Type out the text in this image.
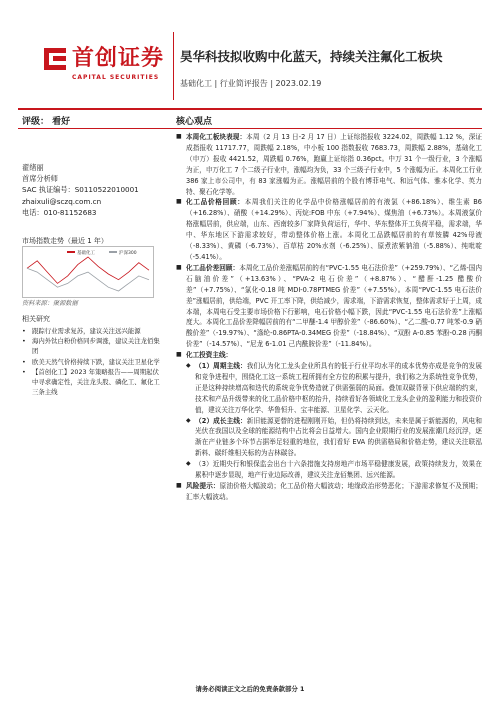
首创证券
CAPITAL SECURITIES
昊华科技拟收购中化蓝天，持续关注氟化工板块
基础化工 | 行业简评报告 | 2023.02.19
评级： 看好	核心观点
翟绪丽
首席分析师
SAC 执证编号：S0110522010001
zhaixuli@sczq.com.cn
电话：010-81152683
市场指数走势（最近 1 年）
基础化工	沪深300
资料来源：聚源数据
相关研究
• 跟踪行业需求复苏，建议关注远兴能源
• 海内外钛白粉价格同步调涨，建议关注龙佰集团
• 欧美天然气价格持续下跌，建议关注卫星化学
• 【首创化工】2023 年策略报告——周期起伏中寻求确定性，关注龙头股、磷化工、氟化工三条主线
■ 本周化工板块表现：本周（2 月 13 日-2 月 17 日）上证综指报收 3224.02，周跌幅 1.12 %，深证成指报收 11717.77，周跌幅 2.18%，中小板 100 指数报收 7683.73，周跌幅 2.88%，基础化工（申万）报收 4421.52，周跌幅 0.76%，跑赢上证综指 0.36pct。中万 31 个一级行业，3 个涨幅为正，申万化工 7 个二级子行业中，涨幅均为负，33 个三级子行业中，5 个涨幅为正。本周化工行业 386 家上市公司中，有 83 家涨幅为正。涨幅居前的个股有博菲电气、和远气体、雅本化学、英力特、聚石化学等。
■ 化工品价格回顾：本周我们关注的化学品中价格涨幅居前的有液氯（+86.18%）、维生素 B6（+16.28%）、硝酸（+14.29%）、丙烷:FOB 中东（+7.94%）、煤焦油（+6.73%）。本周液氯价格涨幅居前，供应端，山东、西南较多厂家降负荷运行，华中、华东整体开工负荷平稳，需求端，华中、华东地区下游需求较好，带动整体价格上涨。本周化工品跌幅居前的有草铵膦 42%母液（-8.33%）、黄磷（-6.73%）、百草枯 20%水剂（-6.25%）、原煮浓紫钠油（-5.88%）、纯吡啶（-5.41%）。
■ 化工品价差回顾：本周化工品价差涨幅居前的有“PVC-1.55 电石法价差”（+259.79%）、“乙烯-国内石脑油价差”（+13.63%）、“PVA-2 电石价差”（+8.87%）、“醋酐-1.25 醋酸价差”（+7.75%）、“氯化-0.18 吨 MDI-0.78PTMEG 价差”（+7.55%）。本周“PVC-1.55 电石法价差”涨幅居前，供给端，PVC 开工率下降，供给减少，需求端，下游需求恢复，整体需求好于上周，成本端，本周电石受主要市场价格下行影响，电石价格小幅下跌，因此“PVC-1.55 电石法价差”上涨幅度大。本周化工品价差降幅居前的有“二甲醚-1.4 甲醇价差”（-86.60%）、“乙二酸-0.77 吨苯-0.9 硝酸价差”（-19.97%）、“涤纶-0.86PTA-0.34MEG 价差”（-18.84%）、“双酚 A-0.85 苯酚-0.28 丙酮价差”（-14.57%）、“尼龙 6-1.01 己内酰胺价差”（-11.84%）。
■ 化工投资主线：
◆ （1）周期主线：我们认为化工龙头企业所具有的低于行业平均水平的成本优势亦成是竞争的发展和竞争进程中，围绕化工这一系统工程所拥有全方位的积累与提升，我们称之为系统性竞争优势，正是这种持续增高和迭代的系统竞争优势造就了供需强弱的局面。叠加双碳背景下供应端的约束，技术和产品升级带来的化工品价格中枢的抬升，持续看好各领域化工龙头企业的盈利能力和投资价值，建议关注万华化学、华鲁恒升、宝丰能源、卫星化学、云天化。
◆ （2）成长主线：新旧能源更替的进程刚刚开始，但仍将持续到达，未来是属于新能源的，风电和光伏在我国以及全球的能源结构中占比将会日益增大。国内企业限期行业的发展涨潮几经沉浮，逐渐在产业链多个环节占据举足轻重的地位，我们看好 EVA 的供需格局和价格走势，建议关注联泓新料、碳纤维相关标的为吉林碳谷。
◆ （3）近期央行和银保监会出台十六条措施支持房地产市场平稳健康发展，政策持续发力，效果在累积中逐步显现，地产行业边际改善，建议关注龙佰集团、远兴能源。
■ 风险提示：原油价格大幅波动；化工品价格大幅波动；地缘政治形势恶化；下游需求修复不及预期；汇率大幅波动。
请务必阅读正文之后的免责条款部分 1
